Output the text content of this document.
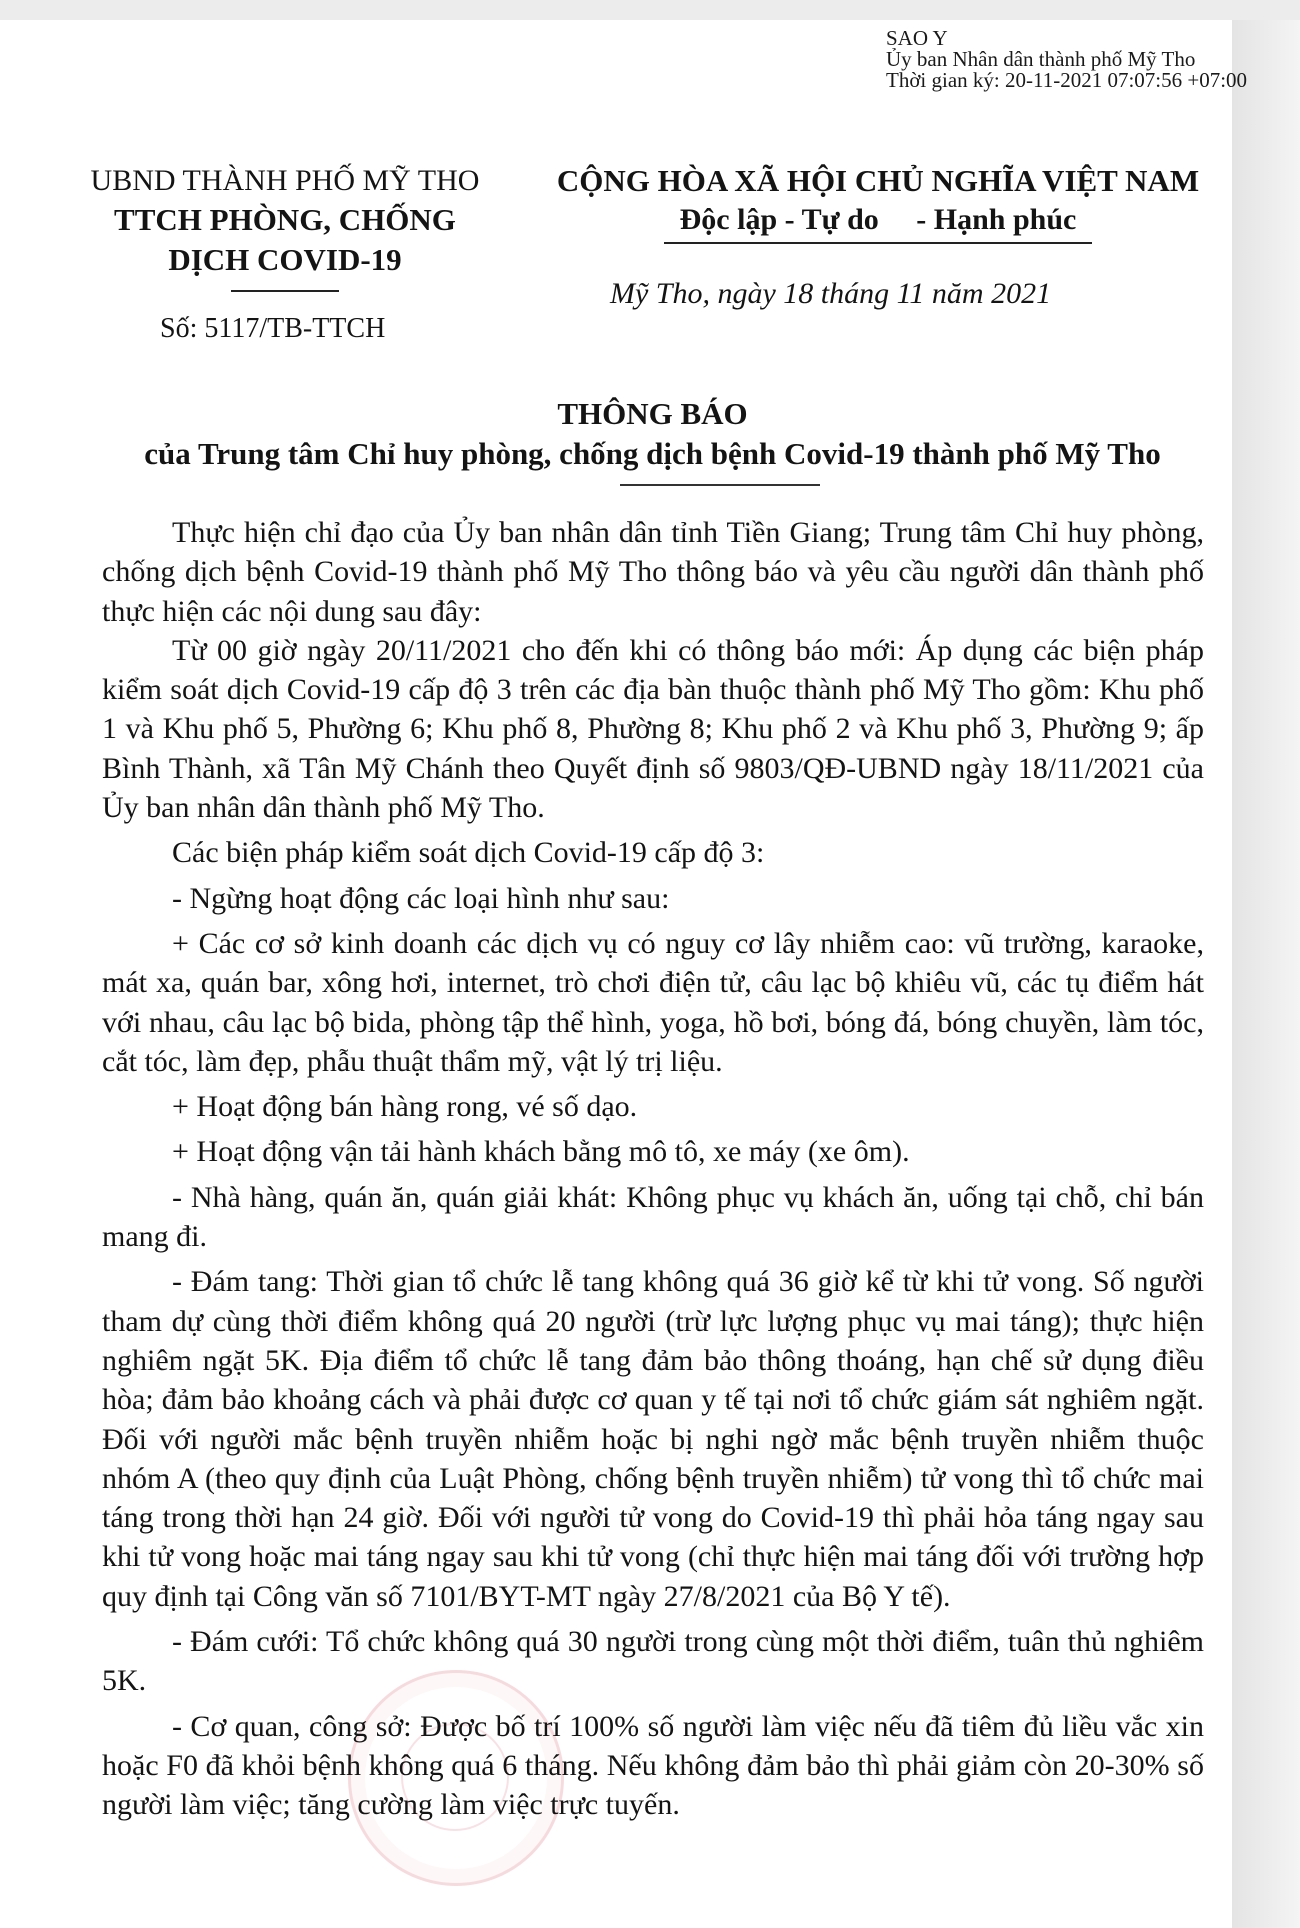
SAO Y
Ủy ban Nhân dân thành phố Mỹ Tho
Thời gian ký: 20-11-2021 07:07:56 +07:00
UBND THÀNH PHỐ MỸ THO
TTCH PHÒNG, CHỐNG
DỊCH COVID-19
Số: 5117/TB-TTCH
CỘNG HÒA XÃ HỘI CHỦ NGHĨA VIỆT NAM
Độc lập - Tự do     - Hạnh phúc
Mỹ Tho, ngày 18 tháng 11 năm 2021
THÔNG BÁO
của Trung tâm Chỉ huy phòng, chống dịch bệnh Covid-19 thành phố Mỹ Tho

Thực hiện chỉ đạo của Ủy ban nhân dân tỉnh Tiền Giang; Trung tâm Chỉ huy phòng, chống dịch bệnh Covid-19 thành phố Mỹ Tho thông báo và yêu cầu người dân thành phố thực hiện các nội dung sau đây:

Từ 00 giờ ngày 20/11/2021 cho đến khi có thông báo mới: Áp dụng các biện pháp kiểm soát dịch Covid-19 cấp độ 3 trên các địa bàn thuộc thành phố Mỹ Tho gồm: Khu phố 1 và Khu phố 5, Phường 6; Khu phố 8, Phường 8; Khu phố 2 và Khu phố 3, Phường 9; ấp Bình Thành, xã Tân Mỹ Chánh theo Quyết định số 9803/QĐ-UBND ngày 18/11/2021 của Ủy ban nhân dân thành phố Mỹ Tho.

Các biện pháp kiểm soát dịch Covid-19 cấp độ 3:

- Ngừng hoạt động các loại hình như sau:

+ Các cơ sở kinh doanh các dịch vụ có nguy cơ lây nhiễm cao: vũ trường, karaoke, mát xa, quán bar, xông hơi, internet, trò chơi điện tử, câu lạc bộ khiêu vũ, các tụ điểm hát với nhau, câu lạc bộ bida, phòng tập thể hình, yoga, hồ bơi, bóng đá, bóng chuyền, làm tóc, cắt tóc, làm đẹp, phẫu thuật thẩm mỹ, vật lý trị liệu.

+ Hoạt động bán hàng rong, vé số dạo.

+ Hoạt động vận tải hành khách bằng mô tô, xe máy (xe ôm).

- Nhà hàng, quán ăn, quán giải khát: Không phục vụ khách ăn, uống tại chỗ, chỉ bán mang đi.

- Đám tang: Thời gian tổ chức lễ tang không quá 36 giờ kể từ khi tử vong. Số người tham dự cùng thời điểm không quá 20 người (trừ lực lượng phục vụ mai táng); thực hiện nghiêm ngặt 5K. Địa điểm tổ chức lễ tang đảm bảo thông thoáng, hạn chế sử dụng điều hòa; đảm bảo khoảng cách và phải được cơ quan y tế tại nơi tổ chức giám sát nghiêm ngặt. Đối với người mắc bệnh truyền nhiễm hoặc bị nghi ngờ mắc bệnh truyền nhiễm thuộc nhóm A (theo quy định của Luật Phòng, chống bệnh truyền nhiễm) tử vong thì tổ chức mai táng trong thời hạn 24 giờ. Đối với người tử vong do Covid-19 thì phải hỏa táng ngay sau khi tử vong hoặc mai táng ngay sau khi tử vong (chỉ thực hiện mai táng đối với trường hợp quy định tại Công văn số 7101/BYT-MT ngày 27/8/2021 của Bộ Y tế).

- Đám cưới: Tổ chức không quá 30 người trong cùng một thời điểm, tuân thủ nghiêm 5K.

- Cơ quan, công sở: Được bố trí 100% số người làm việc nếu đã tiêm đủ liều vắc xin hoặc F0 đã khỏi bệnh không quá 6 tháng. Nếu không đảm bảo thì phải giảm còn 20-30% số người làm việc; tăng cường làm việc trực tuyến.
